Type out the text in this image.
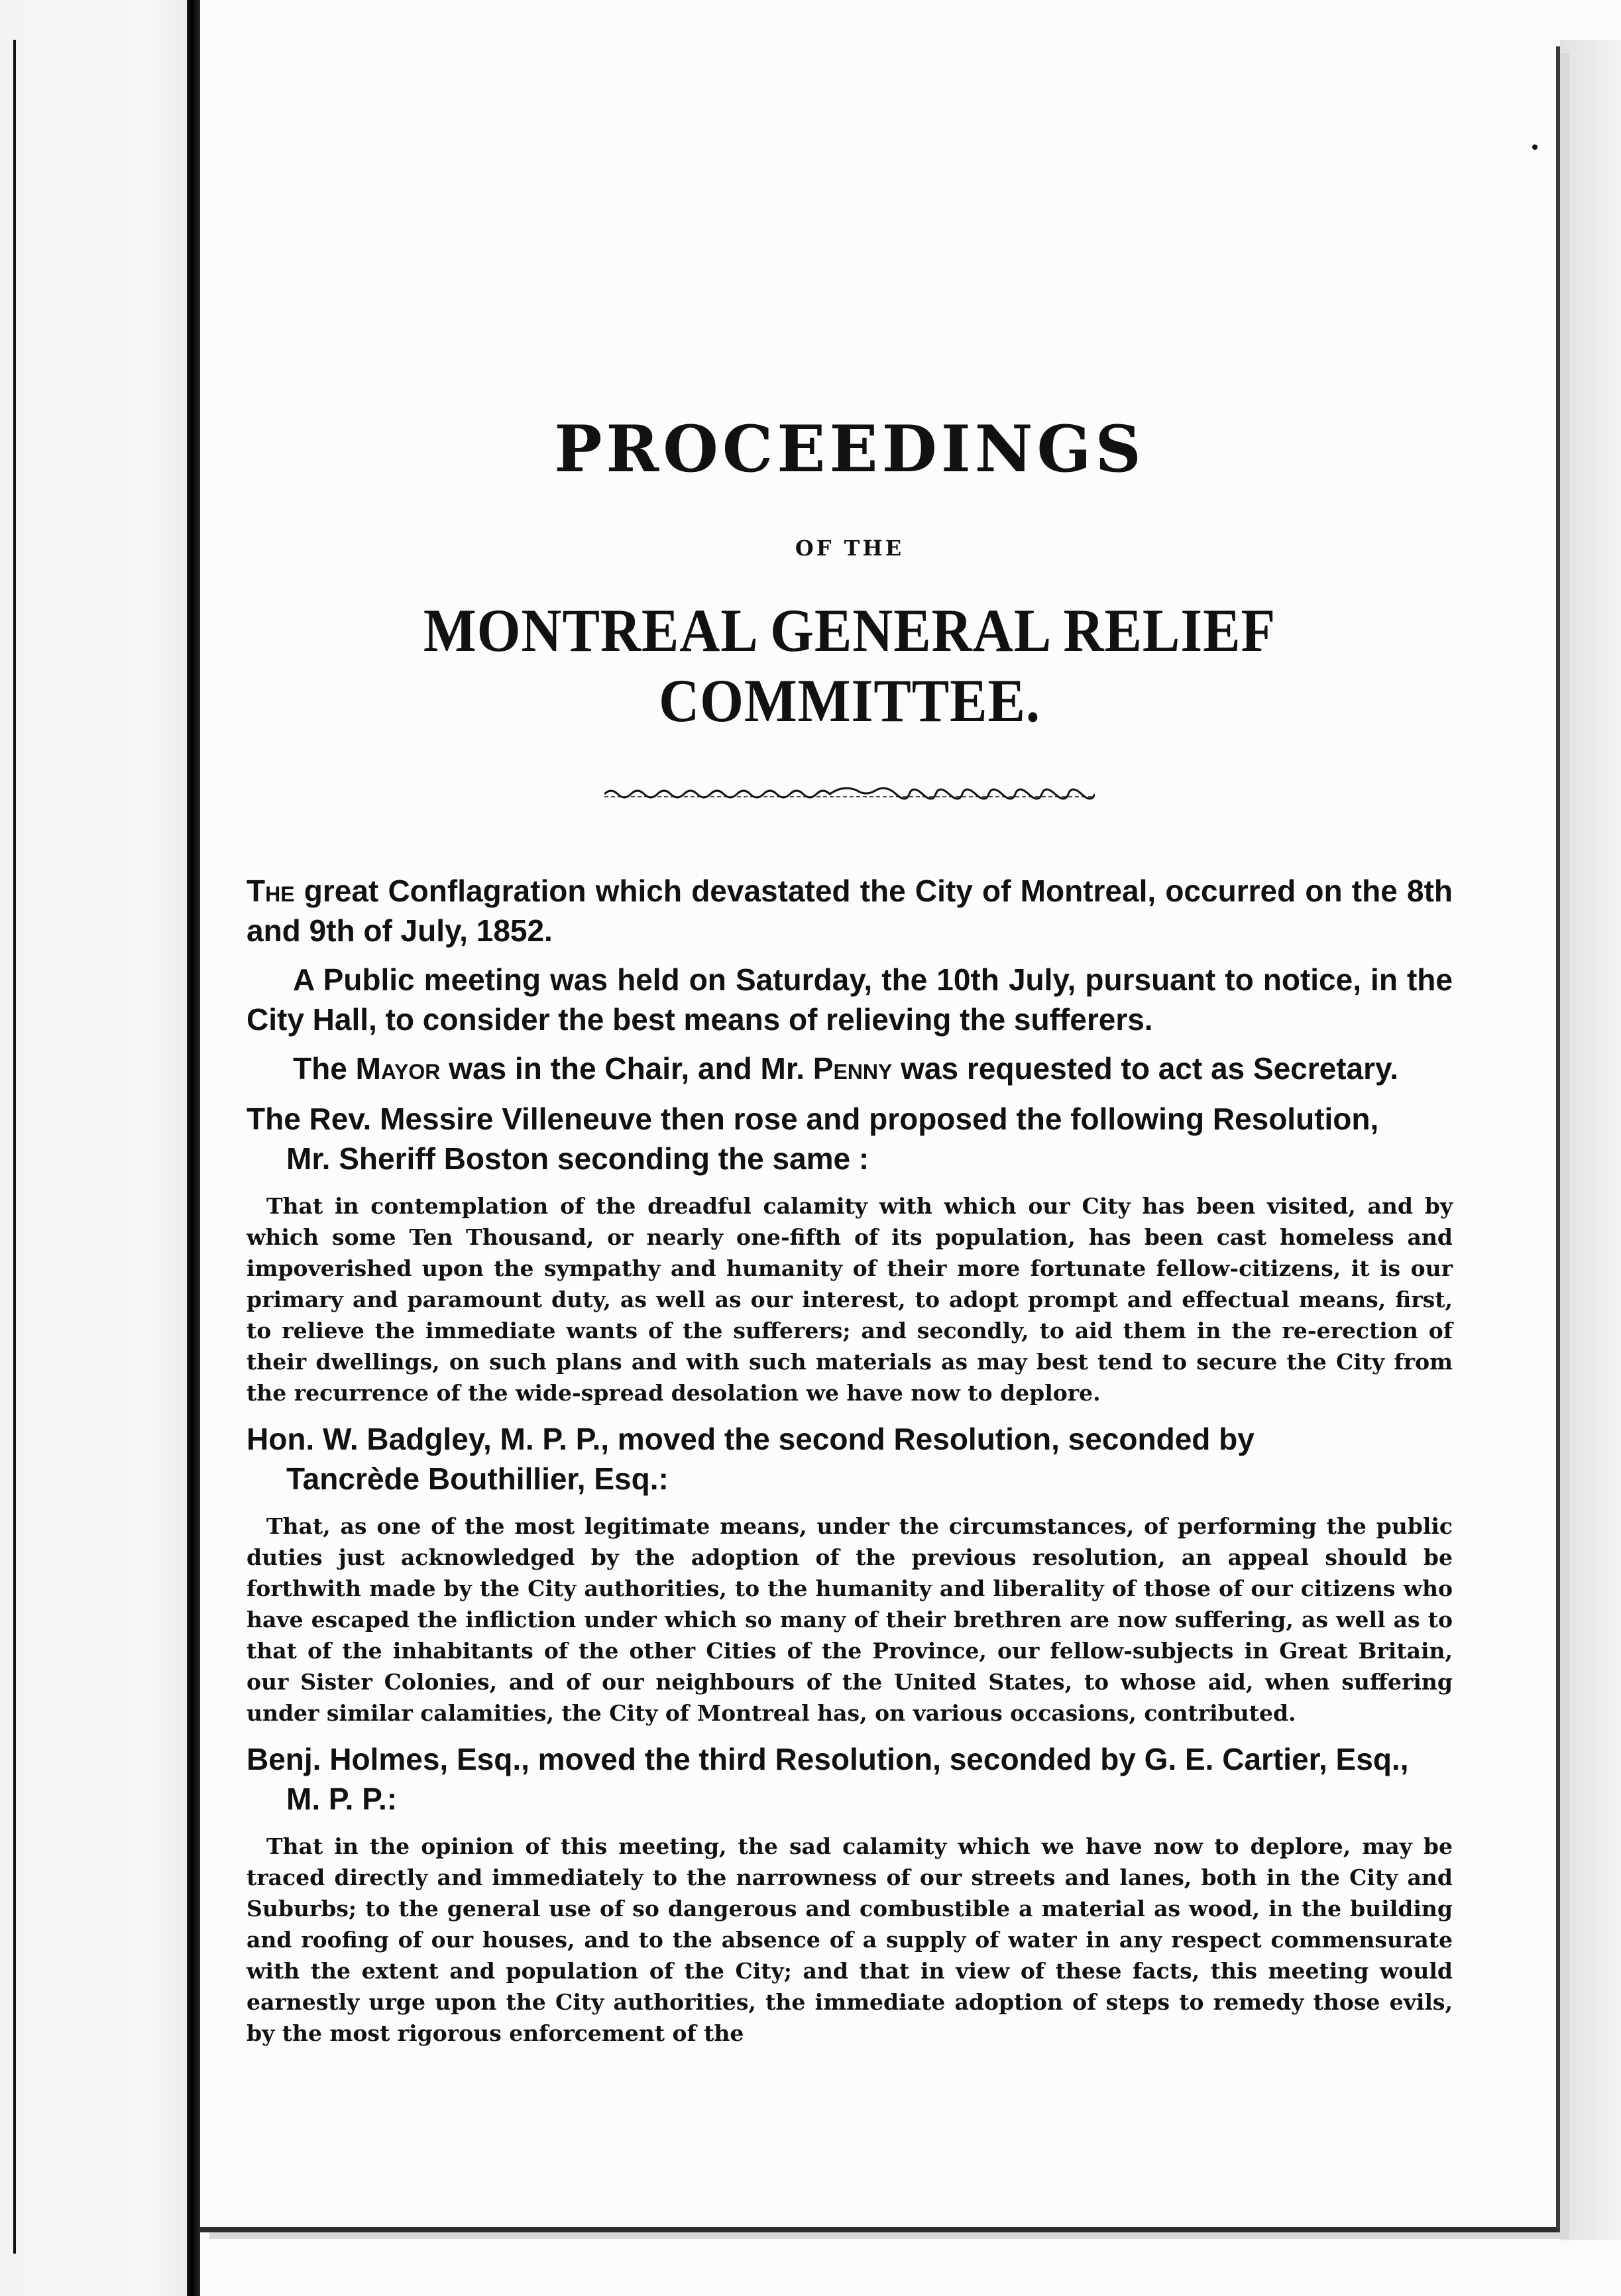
PROCEEDINGS
OF THE
MONTREAL GENERAL RELIEF COMMITTEE.

The great Conflagration which devastated the City of Montreal, occurred on the 8th and 9th of July, 1852.

A Public meeting was held on Saturday, the 10th July, pursuant to notice, in the City Hall, to consider the best means of relieving the sufferers.

The Mayor was in the Chair, and Mr. Penny was requested to act as Secretary.

The Rev. Messire Villeneuve then rose and proposed the following Resolution,
Mr. Sheriff Boston seconding the same :

That in contemplation of the dreadful calamity with which our City has been visited, and by which some Ten Thousand, or nearly one-fifth of its population, has been cast homeless and impoverished upon the sympathy and humanity of their more fortunate fellow-citizens, it is our primary and paramount duty, as well as our interest, to adopt prompt and effectual means, first, to relieve the immediate wants of the sufferers; and secondly, to aid them in the re-erection of their dwellings, on such plans and with such materials as may best tend to secure the City from the recurrence of the wide-spread desolation we have now to deplore.

Hon. W. Badgley, M. P. P., moved the second Resolution, seconded by
Tancrède Bouthillier, Esq.:

That, as one of the most legitimate means, under the circumstances, of performing the public duties just acknowledged by the adoption of the previous resolution, an appeal should be forthwith made by the City authorities, to the humanity and liberality of those of our citizens who have escaped the infliction under which so many of their brethren are now suffering, as well as to that of the inhabitants of the other Cities of the Province, our fellow-subjects in Great Britain, our Sister Colonies, and of our neighbours of the United States, to whose aid, when suffering under similar calamities, the City of Montreal has, on various occasions, contributed.

Benj. Holmes, Esq., moved the third Resolution, seconded by G. E. Cartier, Esq.,
M. P. P.:

That in the opinion of this meeting, the sad calamity which we have now to deplore, may be traced directly and immediately to the narrowness of our streets and lanes, both in the City and Suburbs; to the general use of so dangerous and combustible a material as wood, in the building and roofing of our houses, and to the absence of a supply of water in any respect commensurate with the extent and population of the City; and that in view of these facts, this meeting would earnestly urge upon the City authorities, the immediate adoption of steps to remedy those evils, by the most rigorous enforcement of the
